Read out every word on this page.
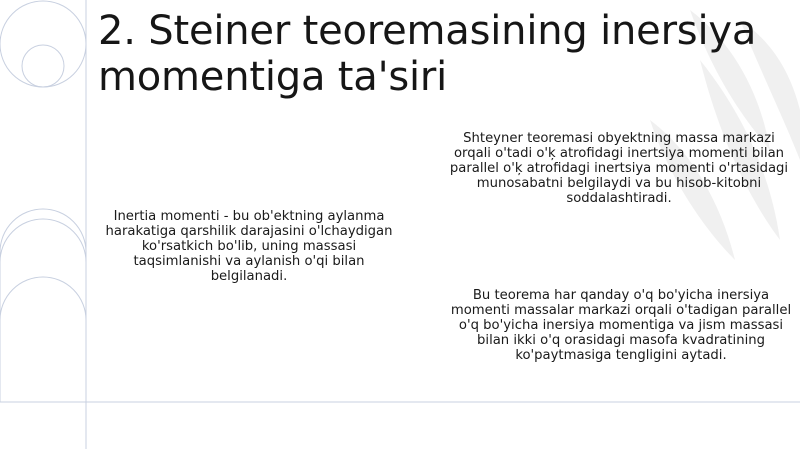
2. Steiner teoremasining inersiya momentiga ta'siri

Inertia momenti - bu ob'ektning aylanma harakatiga qarshilik darajasini o'lchaydigan ko'rsatkich bo'lib, uning massasi taqsimlanishi va aylanish o'qi bilan belgilanadi.

Shteyner teoremasi obyektning massa markazi orqali o'tadi o'ķ atrofidagi inertsiya momenti bilan parallel o'ķ atrofidagi inertsiya momenti o'rtasidagi munosabatni belgilaydi va bu hisob-kitobni soddalashtiradi.

Bu teorema har qanday o'q bo'yicha inersiya momenti massalar markazi orqali o'tadigan parallel o'q bo'yicha inersiya momentiga va jism massasi bilan ikki o'q orasidagi masofa kvadratining ko'paytmasiga tengligini aytadi.
